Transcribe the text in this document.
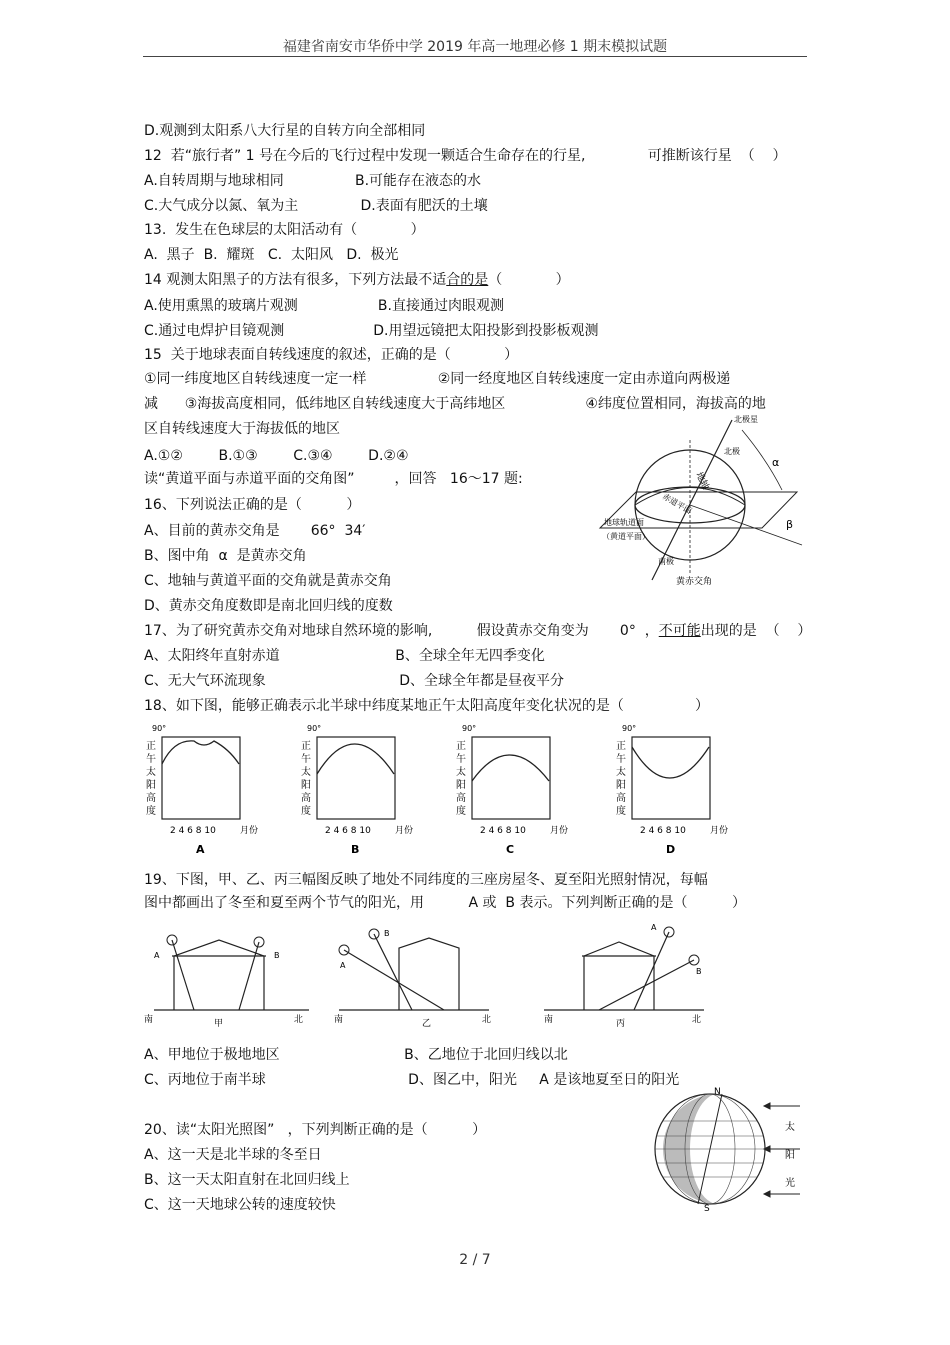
福建省南安市华侨中学 2019 年高一地理必修 1 期末模拟试题
D.观测到太阳系八大行星的自转方向全部相同
12  若“旅行者” 1 号在今后的飞行过程中发现一颗适合生命存在的行星,              可推断该行星  （    ）
A.自转周期与地球相同                B.可能存在液态的水
C.大气成分以氮、氧为主              D.表面有肥沃的土壤
13.  发生在色球层的太阳活动有（            ）
A.  黑子  B.  耀斑   C.  太阳风   D.  极光
14 观测太阳黑子的方法有很多，下列方法最不适合的是（            ）
A.使用熏黑的玻璃片观测                  B.直接通过肉眼观测
C.通过电焊护目镜观测                    D.用望远镜把太阳投影到投影板观测
15  关于地球表面自转线速度的叙述，正确的是（            ）
①同一纬度地区自转线速度一定一样                ②同一经度地区自转线速度一定由赤道向两极递
减      ③海拔高度相同，低纬地区自转线速度大于高纬地区                  ④纬度位置相同，海拔高的地
区自转线速度大于海拔低的地区
A.①②        B.①③        C.③④        D.②④
读“黄道平面与赤道平面的交角图”         ，回答   16～17 题:
16、下列说法正确的是（          ）
A、目前的黄赤交角是       66°  34′
B、图中角  α  是黄赤交角
C、地轴与黄道平面的交角就是黄赤交角
D、黄赤交角度数即是南北回归线的度数
17、为了研究黄赤交角对地球自然环境的影响,          假设黄赤交角变为       0°  ，不可能出现的是  （    ）
A、太阳终年直射赤道                          B、全球全年无四季变化
C、无大气环流现象                              D、全球全年都是昼夜平分
18、如下图，能够正确表示北半球中纬度某地正午太阳高度年变化状况的是（                ）
19、下图，甲、乙、丙三幅图反映了地处不同纬度的三座房屋冬、夏至阳光照射情况，每幅
图中都画出了冬至和夏至两个节气的阳光，用          A 或  B 表示。下列判断正确的是（          ）
A、甲地位于极地地区                            B、乙地位于北回归线以北
C、丙地位于南半球                                D、图乙中，阳光     A 是该地夏至日的阳光
20、读“太阳光照图”   ，下列判断正确的是（          ）
A、这一天是北半球的冬至日
B、这一天太阳直射在北回归线上
C、这一天地球公转的速度较快
北极星
北极
地轴
赤道平面
地球轨道面
（黄道平面）
南极
黄赤交角
α
β
90°
正
午
太
阳
高
度
2 4 6 8 10	月份
A
90°
正
午
太
阳
高
度
2 4 6 8 10	月份
B
90°
正
午
太
阳
高
度
2 4 6 8 10	月份
C
90°
正
午
太
阳
高
度
2 4 6 8 10	月份
D
A	B
南	北
甲
A
B
南	北
乙
A
B
南	北
丙
N
S
太
阳
光
2 / 7
